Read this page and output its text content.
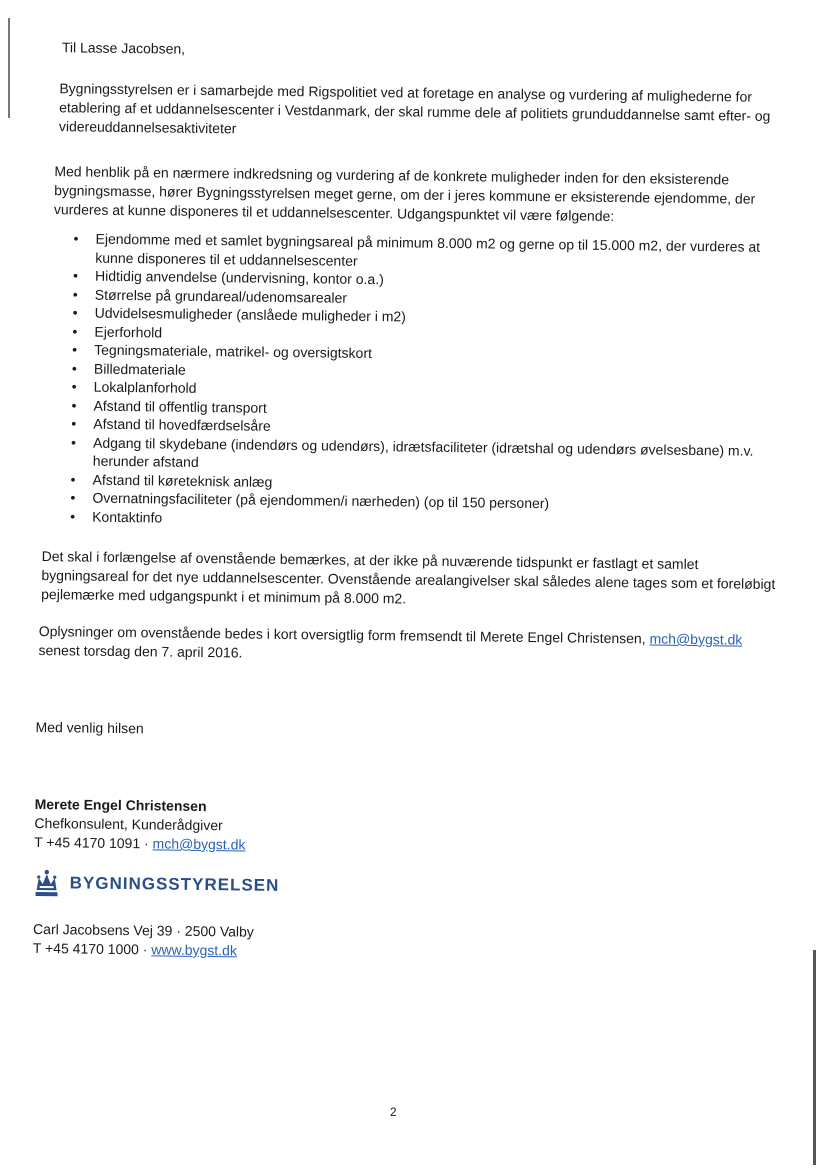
Til Lasse Jacobsen,

Bygningsstyrelsen er i samarbejde med Rigspolitiet ved at foretage en analyse og vurdering af mulighederne for etablering af et uddannelsescenter i Vestdanmark, der skal rumme dele af politiets grunduddannelse samt efter- og videreuddannelsesaktiviteter

Med henblik på en nærmere indkredsning og vurdering af de konkrete muligheder inden for den eksisterende bygningsmasse, hører Bygningsstyrelsen meget gerne, om der i jeres kommune er eksisterende ejendomme, der vurderes at kunne disponeres til et uddannelsescenter. Udgangspunktet vil være følgende:

• Ejendomme med et samlet bygningsareal på minimum 8.000 m2 og gerne op til 15.000 m2, der vurderes at kunne disponeres til et uddannelsescenter
• Hidtidig anvendelse (undervisning, kontor o.a.)
• Størrelse på grundareal/udenomsarealer
• Udvidelsesmuligheder (anslåede muligheder i m2)
• Ejerforhold
• Tegningsmateriale, matrikel- og oversigtskort
• Billedmateriale
• Lokalplanforhold
• Afstand til offentlig transport
• Afstand til hovedfærdselsåre
• Adgang til skydebane (indendørs og udendørs), idrætsfaciliteter (idrætshal og udendørs øvelsesbane) m.v. herunder afstand
• Afstand til køreteknisk anlæg
• Overnatningsfaciliteter (på ejendommen/i nærheden) (op til 150 personer)
• Kontaktinfo

Det skal i forlængelse af ovenstående bemærkes, at der ikke på nuværende tidspunkt er fastlagt et samlet bygningsareal for det nye uddannelsescenter. Ovenstående arealangivelser skal således alene tages som et foreløbigt pejlemærke med udgangspunkt i et minimum på 8.000 m2.

Oplysninger om ovenstående bedes i kort oversigtlig form fremsendt til Merete Engel Christensen, mch@bygst.dk
senest torsdag den 7. april 2016.

Med venlig hilsen

Merete Engel Christensen
Chefkonsulent, Kunderådgiver
T +45 4170 1091 · mch@bygst.dk
BYGNINGSSTYRELSEN
Carl Jacobsens Vej 39 · 2500 Valby
T +45 4170 1000 · www.bygst.dk
2
